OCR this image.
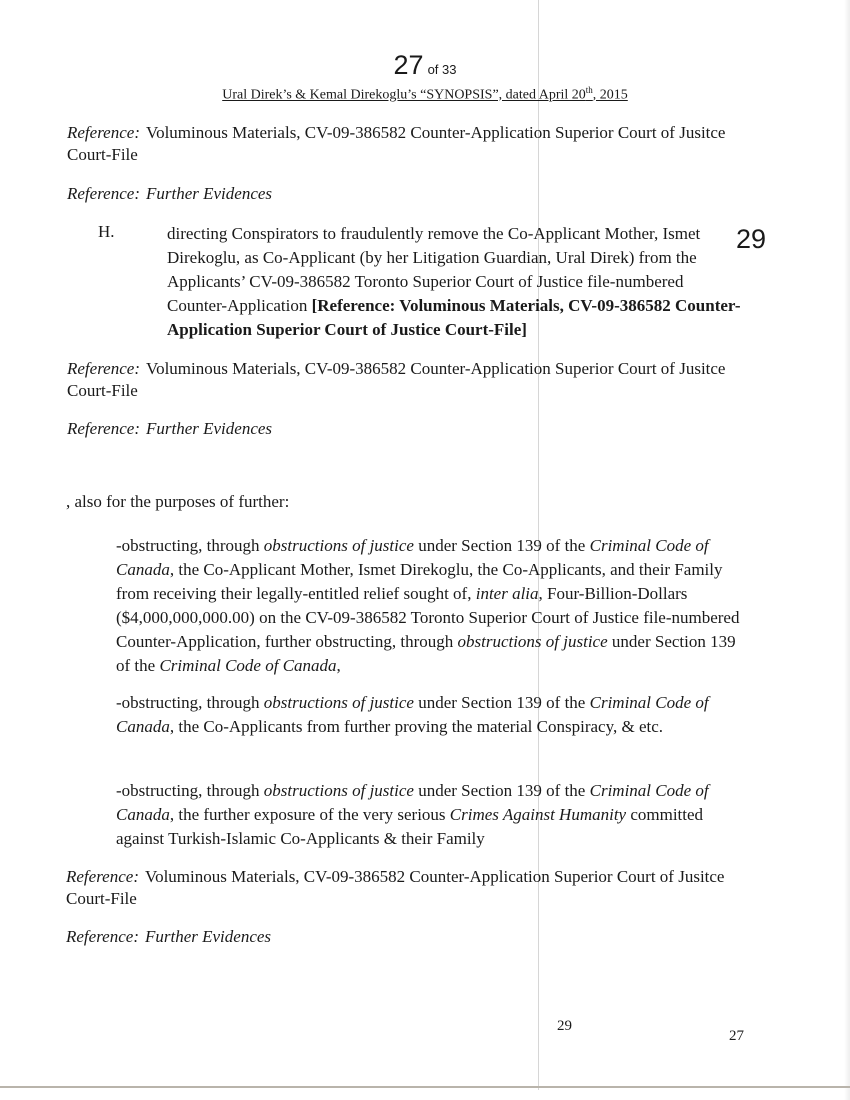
27 of 33
Ural Direk’s & Kemal Direkoglu’s “SYNOPSIS”, dated April 20th, 2015
Reference: Voluminous Materials, CV-09-386582 Counter-Application Superior Court of Jusitce Court-File
Reference: Further Evidences
H.	directing Conspirators to fraudulently remove the Co-Applicant Mother, Ismet Direkoglu, as Co-Applicant (by her Litigation Guardian, Ural Direk) from the Applicants’ CV-09-386582 Toronto Superior Court of Justice file-numbered Counter-Application [Reference: Voluminous Materials, CV-09-386582 Counter-Application Superior Court of Justice Court-File]
29
Reference: Voluminous Materials, CV-09-386582 Counter-Application Superior Court of Jusitce Court-File
Reference: Further Evidences
, also for the purposes of further:
-obstructing, through obstructions of justice under Section 139 of the Criminal Code of Canada, the Co-Applicant Mother, Ismet Direkoglu, the Co-Applicants, and their Family from receiving their legally-entitled relief sought of, inter alia, Four-Billion-Dollars ($4,000,000,000.00) on the CV-09-386582 Toronto Superior Court of Justice file-numbered Counter-Application, further obstructing, through obstructions of justice under Section 139 of the Criminal Code of Canada,
-obstructing, through obstructions of justice under Section 139 of the Criminal Code of Canada, the Co-Applicants from further proving the material Conspiracy, & etc.
-obstructing, through obstructions of justice under Section 139 of the Criminal Code of Canada, the further exposure of the very serious Crimes Against Humanity committed against Turkish-Islamic Co-Applicants & their Family
Reference: Voluminous Materials, CV-09-386582 Counter-Application Superior Court of Jusitce Court-File
Reference: Further Evidences
29
27
